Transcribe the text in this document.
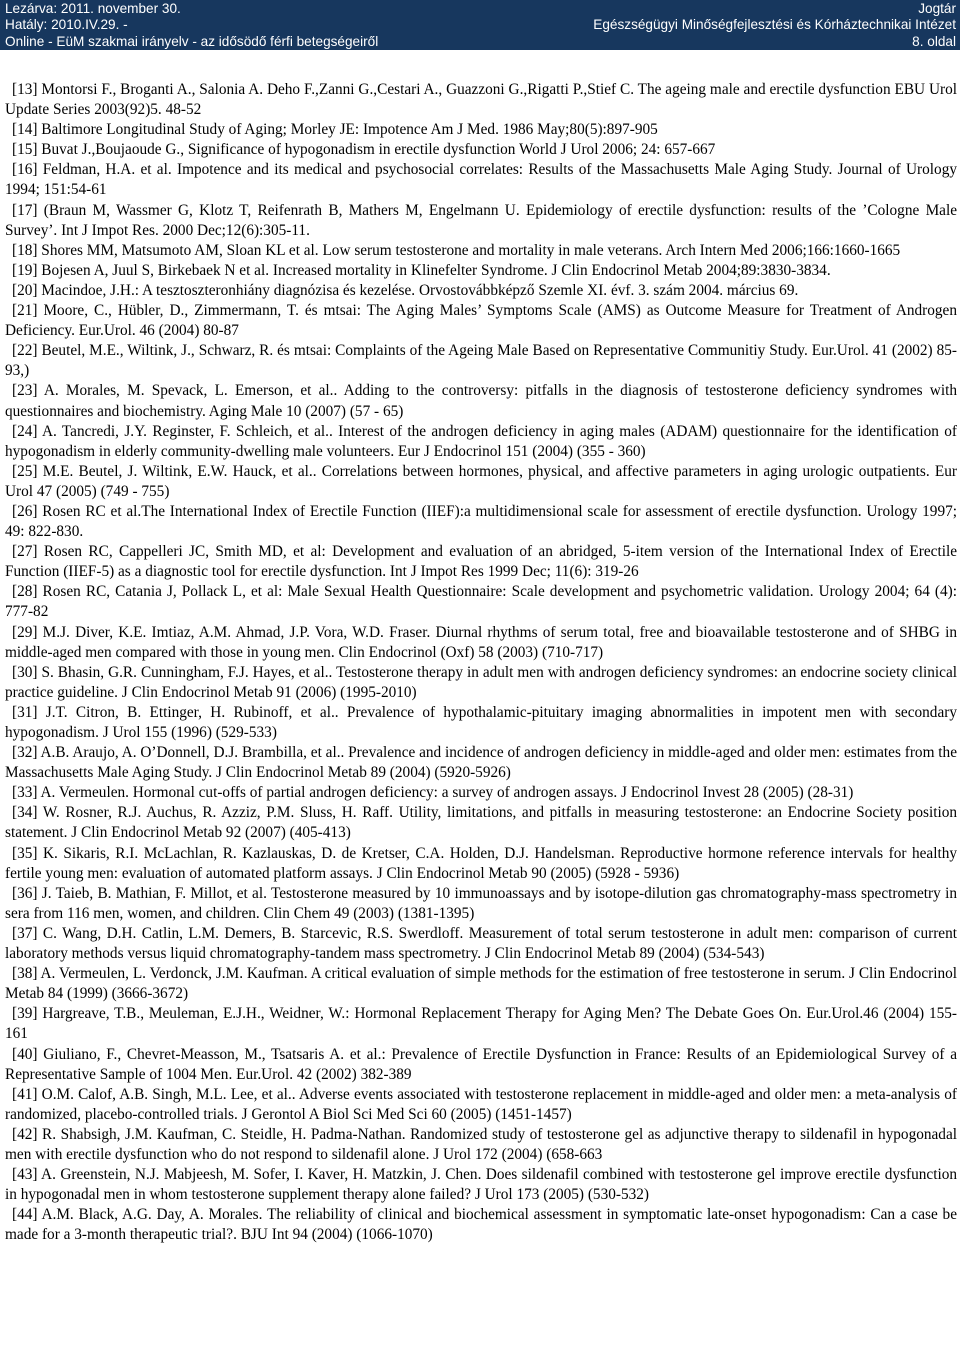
Lezárva: 2011. november 30.
Hatály: 2010.IV.29. -
Online - EüM szakmai irányelv - az idősödő férfi betegségeiről
Jogtár
Egészségügyi Minőségfejlesztési és Kórháztechnikai Intézet
8. oldal

[13] Montorsi F., Broganti A., Salonia A. Deho F.,Zanni G.,Cestari A., Guazzoni G.,Rigatti P.,Stief C. The ageing male and erectile dysfunction EBU Urol Update Series 2003(92)5. 48-52

[14] Baltimore Longitudinal Study of Aging; Morley JE: Impotence Am J Med. 1986 May;80(5):897-905

[15] Buvat J.,Boujaoude G., Significance of hypogonadism in erectile dysfunction World J Urol 2006; 24: 657-667

[16] Feldman, H.A. et al. Impotence and its medical and psychosocial correlates: Results of the Massachusetts Male Aging Study. Journal of Urology 1994; 151:54-61

[17] (Braun M, Wassmer G, Klotz T, Reifenrath B, Mathers M, Engelmann U. Epidemiology of erectile dysfunction: results of the ’Cologne Male Survey’. Int J Impot Res. 2000 Dec;12(6):305-11.

[18] Shores MM, Matsumoto AM, Sloan KL et al. Low serum testosterone and mortality in male veterans. Arch Intern Med 2006;166:1660-1665

[19] Bojesen A, Juul S, Birkebaek N et al. Increased mortality in Klinefelter Syndrome. J Clin Endocrinol Metab 2004;89:3830-3834.

[20] Macindoe, J.H.: A tesztoszteronhiány diagnózisa és kezelése. Orvostovábbképző Szemle XI. évf. 3. szám 2004. március 69.

[21] Moore, C., Hübler, D., Zimmermann, T. és mtsai: The Aging Males’ Symptoms Scale (AMS) as Outcome Measure for Treatment of Androgen Deficiency. Eur.Urol. 46 (2004) 80-87

[22] Beutel, M.E., Wiltink, J., Schwarz, R. és mtsai: Complaints of the Ageing Male Based on Representative Communitiy Study. Eur.Urol. 41 (2002) 85-93,)

[23] A. Morales, M. Spevack, L. Emerson, et al.. Adding to the controversy: pitfalls in the diagnosis of testosterone deficiency syndromes with questionnaires and biochemistry. Aging Male 10 (2007) (57 - 65)

[24] A. Tancredi, J.Y. Reginster, F. Schleich, et al.. Interest of the androgen deficiency in aging males (ADAM) questionnaire for the identification of hypogonadism in elderly community-dwelling male volunteers. Eur J Endocrinol 151 (2004) (355 - 360)

[25] M.E. Beutel, J. Wiltink, E.W. Hauck, et al.. Correlations between hormones, physical, and affective parameters in aging urologic outpatients. Eur Urol 47 (2005) (749 - 755)

[26] Rosen RC et al.The International Index of Erectile Function (IIEF):a multidimensional scale for assessment of erectile dysfunction. Urology 1997; 49: 822-830.

[27] Rosen RC, Cappelleri JC, Smith MD, et al: Development and evaluation of an abridged, 5-item version of the International Index of Erectile Function (IIEF-5) as a diagnostic tool for erectile dysfunction. Int J Impot Res 1999 Dec; 11(6): 319-26

[28] Rosen RC, Catania J, Pollack L, et al: Male Sexual Health Questionnaire: Scale development and psychometric validation. Urology 2004; 64 (4): 777-82

[29] M.J. Diver, K.E. Imtiaz, A.M. Ahmad, J.P. Vora, W.D. Fraser. Diurnal rhythms of serum total, free and bioavailable testosterone and of SHBG in middle-aged men compared with those in young men. Clin Endocrinol (Oxf) 58 (2003) (710-717)

[30] S. Bhasin, G.R. Cunningham, F.J. Hayes, et al.. Testosterone therapy in adult men with androgen deficiency syndromes: an endocrine society clinical practice guideline. J Clin Endocrinol Metab 91 (2006) (1995-2010)

[31] J.T. Citron, B. Ettinger, H. Rubinoff, et al.. Prevalence of hypothalamic-pituitary imaging abnormalities in impotent men with secondary hypogonadism. J Urol 155 (1996) (529-533)

[32] A.B. Araujo, A. O’Donnell, D.J. Brambilla, et al.. Prevalence and incidence of androgen deficiency in middle-aged and older men: estimates from the Massachusetts Male Aging Study. J Clin Endocrinol Metab 89 (2004) (5920-5926)

[33] A. Vermeulen. Hormonal cut-offs of partial androgen deficiency: a survey of androgen assays. J Endocrinol Invest 28 (2005) (28-31)

[34] W. Rosner, R.J. Auchus, R. Azziz, P.M. Sluss, H. Raff. Utility, limitations, and pitfalls in measuring testosterone: an Endocrine Society position statement. J Clin Endocrinol Metab 92 (2007) (405-413)

[35] K. Sikaris, R.I. McLachlan, R. Kazlauskas, D. de Kretser, C.A. Holden, D.J. Handelsman. Reproductive hormone reference intervals for healthy fertile young men: evaluation of automated platform assays. J Clin Endocrinol Metab 90 (2005) (5928 - 5936)

[36] J. Taieb, B. Mathian, F. Millot, et al. Testosterone measured by 10 immunoassays and by isotope-dilution gas chromatography-mass spectrometry in sera from 116 men, women, and children. Clin Chem 49 (2003) (1381-1395)

[37] C. Wang, D.H. Catlin, L.M. Demers, B. Starcevic, R.S. Swerdloff. Measurement of total serum testosterone in adult men: comparison of current laboratory methods versus liquid chromatography-tandem mass spectrometry. J Clin Endocrinol Metab 89 (2004) (534-543)

[38] A. Vermeulen, L. Verdonck, J.M. Kaufman. A critical evaluation of simple methods for the estimation of free testosterone in serum. J Clin Endocrinol Metab 84 (1999) (3666-3672)

[39] Hargreave, T.B., Meuleman, E.J.H., Weidner, W.: Hormonal Replacement Therapy for Aging Men? The Debate Goes On. Eur.Urol.46 (2004) 155-161

[40] Giuliano, F., Chevret-Measson, M., Tsatsaris A. et al.: Prevalence of Erectile Dysfunction in France: Results of an Epidemiological Survey of a Representative Sample of 1004 Men. Eur.Urol. 42 (2002) 382-389

[41] O.M. Calof, A.B. Singh, M.L. Lee, et al.. Adverse events associated with testosterone replacement in middle-aged and older men: a meta-analysis of randomized, placebo-controlled trials. J Gerontol A Biol Sci Med Sci 60 (2005) (1451-1457)

[42] R. Shabsigh, J.M. Kaufman, C. Steidle, H. Padma-Nathan. Randomized study of testosterone gel as adjunctive therapy to sildenafil in hypogonadal men with erectile dysfunction who do not respond to sildenafil alone. J Urol 172 (2004) (658-663

[43] A. Greenstein, N.J. Mabjeesh, M. Sofer, I. Kaver, H. Matzkin, J. Chen. Does sildenafil combined with testosterone gel improve erectile dysfunction in hypogonadal men in whom testosterone supplement therapy alone failed? J Urol 173 (2005) (530-532)

[44] A.M. Black, A.G. Day, A. Morales. The reliability of clinical and biochemical assessment in symptomatic late-onset hypogonadism: Can a case be made for a 3-month therapeutic trial?. BJU Int 94 (2004) (1066-1070)
